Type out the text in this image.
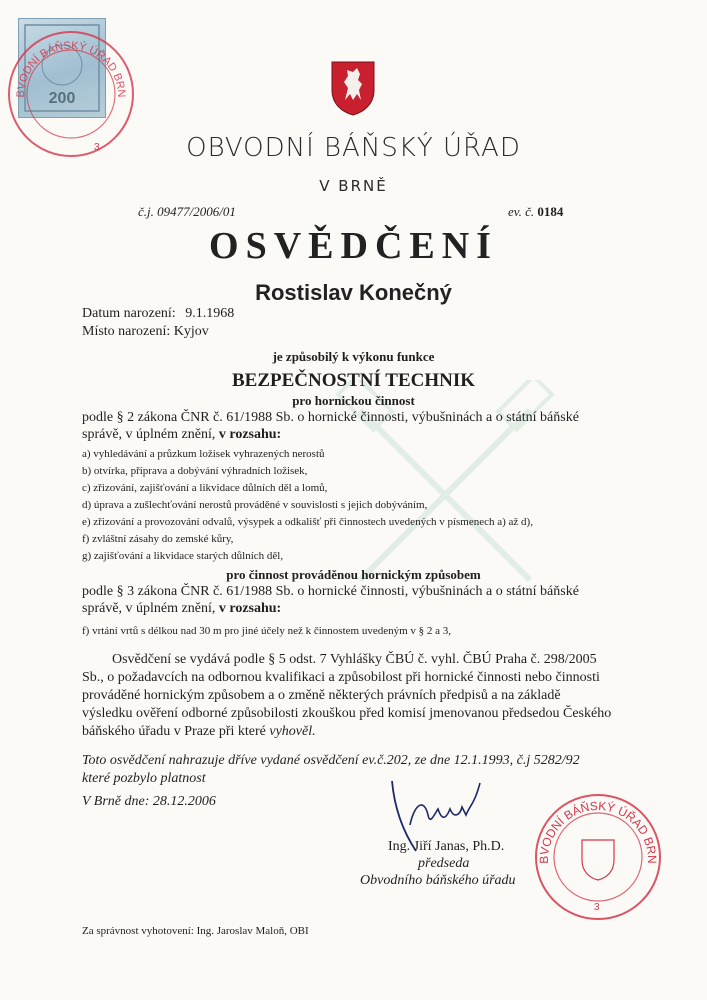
200
BVODNÍ BÁŇSKÝ ÚŘAD BRN
3	OBVODNÍ BÁŇSKÝ ÚŘAD
V BRNĚ
č.j. 09477/2006/01	ev. č. 0184
OSVĚDČENÍ
Rostislav Konečný
Datum narození: 9.1.1968
Místo narození: Kyjov
je způsobilý k výkonu funkce
BEZPEČNOSTNÍ TECHNIK
pro hornickou činnost
podle § 2 zákona ČNR č. 61/1988 Sb. o hornické činnosti, výbušninách a o státní báňské
správě, v úplném znění, v rozsahu:
a) vyhledávání a průzkum ložisek vyhrazených nerostů
b) otvírka, příprava a dobývání výhradních ložisek,
c) zřizování, zajišťování a likvidace důlních děl a lomů,
d) úprava a zušlechťování nerostů prováděné v souvislosti s jejich dobýváním,
e) zřizování a provozování odvalů, výsypek a odkališť při činnostech uvedených v písmenech a) až d),
f) zvláštní zásahy do zemské kůry,
g) zajišťování a likvidace starých důlních děl,
pro činnost prováděnou hornickým způsobem
podle § 3 zákona ČNR č. 61/1988 Sb. o hornické činnosti, výbušninách a o státní báňské
správě, v úplném znění, v rozsahu:
f) vrtání vrtů s délkou nad 30 m pro jiné účely než k činnostem uvedeným v § 2 a 3,
Osvědčení se vydává podle § 5 odst. 7 Vyhlášky ČBÚ č. vyhl. ČBÚ Praha č. 298/2005
Sb., o požadavcích na odbornou kvalifikaci a způsobilost při hornické činnosti nebo činnosti
prováděné hornickým způsobem a o změně některých právních předpisů a na základě
výsledku ověření odborné způsobilosti zkouškou před komisí jmenovanou předsedou Českého
báňského úřadu v Praze při které vyhověl.
Toto osvědčení nahrazuje dříve vydané osvědčení ev.č.202, ze dne 12.1.1993, č.j 5282/92
které pozbylo platnost
V Brně dne: 28.12.2006
Ing. Jiří Janas, Ph.D.
předseda
Obvodního báňského úřadu
BVODNÍ BÁŇSKÝ ÚŘAD BRN
3
Za správnost vyhotovení: Ing. Jaroslav Maloň, OBI
